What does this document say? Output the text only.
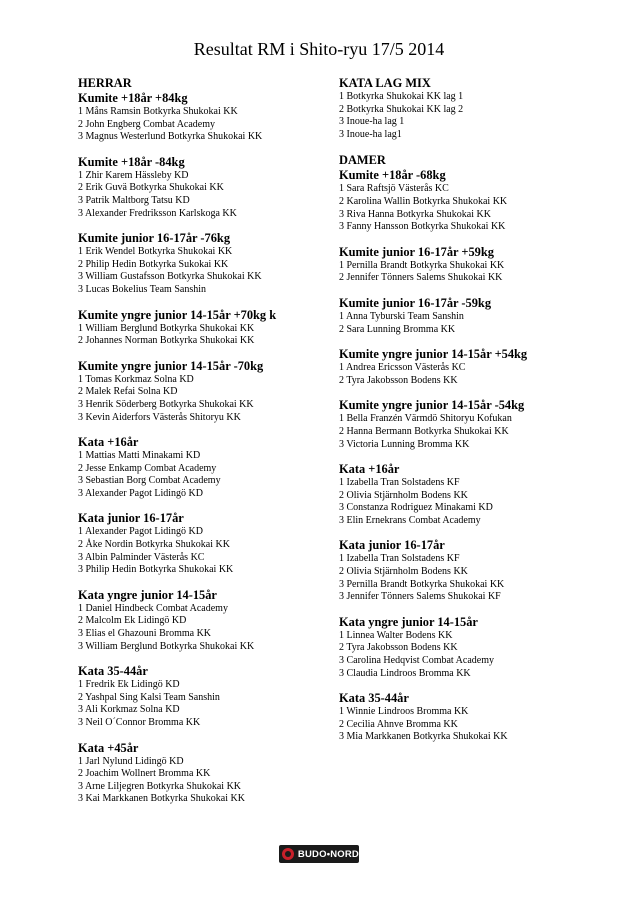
Resultat RM i Shito-ryu 17/5 2014
HERRAR
Kumite +18år +84kg
1 Måns Ramsin Botkyrka Shukokai KK
2 John Engberg Combat Academy
3 Magnus Westerlund Botkyrka Shukokai KK
Kumite +18år -84kg
1 Zhir Karem Hässleby KD
2 Erik Guvä Botkyrka Shukokai KK
3 Patrik Maltborg Tatsu KD
3 Alexander Fredriksson Karlskoga KK
Kumite junior 16-17år -76kg
1 Erik Wendel Botkyrka Shukokai KK
2 Philip Hedin Botkyrka Sukokai KK
3 William Gustafsson Botkyrka Shukokai KK
3 Lucas Bokelius Team Sanshin
Kumite yngre junior 14-15år +70kg k
1 William Berglund Botkyrka Shukokai KK
2 Johannes Norman Botkyrka Shukokai KK
Kumite yngre junior 14-15år -70kg
1 Tomas Korkmaz Solna KD
2 Malek Refai Solna KD
3 Henrik Söderberg Botkyrka Shukokai KK
3 Kevin Aiderfors Västerås Shitoryu KK
Kata +16år
1 Mattias Matti Minakami KD
2 Jesse Enkamp Combat Academy
3 Sebastian Borg Combat Academy
3 Alexander Pagot Lidingö KD
Kata junior 16-17år
1 Alexander Pagot Lidingö KD
2 Åke Nordin Botkyrka Shukokai KK
3 Albin Palminder Västerås KC
3 Philip Hedin Botkyrka Shukokai KK
Kata yngre junior 14-15år
1 Daniel Hindbeck Combat Academy
2 Malcolm Ek Lidingö KD
3 Elias el Ghazouni Bromma KK
3 William Berglund Botkyrka Shukokai KK
Kata 35-44år
1 Fredrik Ek Lidingö KD
2 Yashpal Sing Kalsi Team Sanshin
3 Ali Korkmaz Solna KD
3 Neil O´Connor Bromma KK
Kata +45år
1 Jarl Nylund Lidingö KD
2 Joachim Wollnert Bromma KK
3 Arne Liljegren Botkyrka Shukokai KK
3 Kai Markkanen Botkyrka Shukokai KK
KATA LAG MIX
1 Botkyrka Shukokai KK lag 1
2 Botkyrka Shukokai KK lag 2
3 Inoue-ha lag 1
3 Inoue-ha lag1
DAMER
Kumite +18år -68kg
1 Sara Raftsjö Västerås KC
2 Karolina Wallin Botkyrka Shukokai KK
3 Riva Hanna Botkyrka Shukokai KK
3 Fanny Hansson Botkyrka Shukokai KK
Kumite junior 16-17år +59kg
1 Pernilla Brandt Botkyrka Shukokai KK
2 Jennifer Tönners Salems Shukokai KK
Kumite junior 16-17år -59kg
1 Anna Tyburski Team Sanshin
2 Sara Lunning Bromma KK
Kumite yngre junior 14-15år +54kg
1 Andrea Ericsson Västerås KC
2 Tyra Jakobsson Bodens KK
Kumite yngre junior 14-15år -54kg
1 Bella Franzén Värmdö Shitoryu Kofukan
2 Hanna Bermann Botkyrka Shukokai KK
3 Victoria Lunning Bromma KK
Kata +16år
1 Izabella Tran Solstadens KF
2 Olivia Stjärnholm Bodens KK
3 Constanza Rodriguez Minakami KD
3 Elin Ernekrans Combat Academy
Kata junior 16-17år
1 Izabella Tran Solstadens KF
2 Olivia Stjärnholm Bodens KK
3 Pernilla Brandt Botkyrka Shukokai KK
3 Jennifer Tönners Salems Shukokai KF
Kata yngre junior 14-15år
1 Linnea Walter Bodens KK
2 Tyra Jakobsson Bodens KK
3 Carolina Hedqvist Combat Academy
3 Claudia Lindroos Bromma KK
Kata 35-44år
1 Winnie Lindroos Bromma KK
2 Cecilia Ahnve Bromma KK
3 Mia Markkanen Botkyrka Shukokai KK
BUDO•NORD
